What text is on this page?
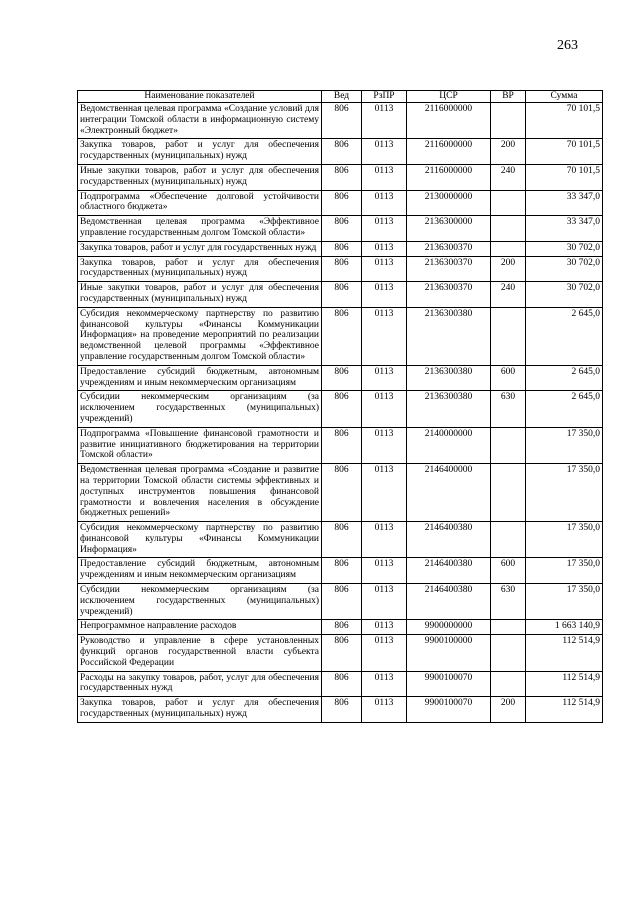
263
Наименование показателей	Вед	РзПР	ЦСР	ВР	Сумма
Ведомственная целевая программа «Создание условий для интеграции Томской области в информационную систему «Электронный бюджет»	806	0113	2116000000		70 101,5
Закупка товаров, работ и услуг для обеспечения государственных (муниципальных) нужд	806	0113	2116000000	200	70 101,5
Иные закупки товаров, работ и услуг для обеспечения государственных (муниципальных) нужд	806	0113	2116000000	240	70 101,5
Подпрограмма «Обеспечение долговой устойчивости областного бюджета»	806	0113	2130000000		33 347,0
Ведомственная целевая программа «Эффективное управление государственным долгом Томской области»	806	0113	2136300000		33 347,0
Закупка товаров, работ и услуг для государственных нужд	806	0113	2136300370		30 702,0
Закупка товаров, работ и услуг для обеспечения государственных (муниципальных) нужд	806	0113	2136300370	200	30 702,0
Иные закупки товаров, работ и услуг для обеспечения государственных (муниципальных) нужд	806	0113	2136300370	240	30 702,0
Субсидия некоммерческому партнерству по развитию финансовой культуры «Финансы Коммуникации Информация» на проведение мероприятий по реализации ведомственной целевой программы «Эффективное управление государственным долгом Томской области»	806	0113	2136300380		2 645,0
Предоставление субсидий бюджетным, автономным учреждениям и иным некоммерческим организациям	806	0113	2136300380	600	2 645,0
Субсидии некоммерческим организациям (за исключением государственных (муниципальных) учреждений)	806	0113	2136300380	630	2 645,0
Подпрограмма «Повышение финансовой грамотности и развитие инициативного бюджетирования на территории Томской области»	806	0113	2140000000		17 350,0
Ведомственная целевая программа «Создание и развитие на территории Томской области системы эффективных и доступных инструментов повышения финансовой грамотности и вовлечения населения в обсуждение бюджетных решений»	806	0113	2146400000		17 350,0
Субсидия некоммерческому партнерству по развитию финансовой культуры «Финансы Коммуникации Информация»	806	0113	2146400380		17 350,0
Предоставление субсидий бюджетным, автономным учреждениям и иным некоммерческим организациям	806	0113	2146400380	600	17 350,0
Субсидии некоммерческим организациям (за исключением государственных (муниципальных) учреждений)	806	0113	2146400380	630	17 350,0
Непрограммное направление расходов	806	0113	9900000000		1 663 140,9
Руководство и управление в сфере установленных функций органов государственной власти субъекта Российской Федерации	806	0113	9900100000		112 514,9
Расходы на закупку товаров, работ, услуг для обеспечения государственных нужд	806	0113	9900100070		112 514,9
Закупка товаров, работ и услуг для обеспечения государственных (муниципальных) нужд	806	0113	9900100070	200	112 514,9
